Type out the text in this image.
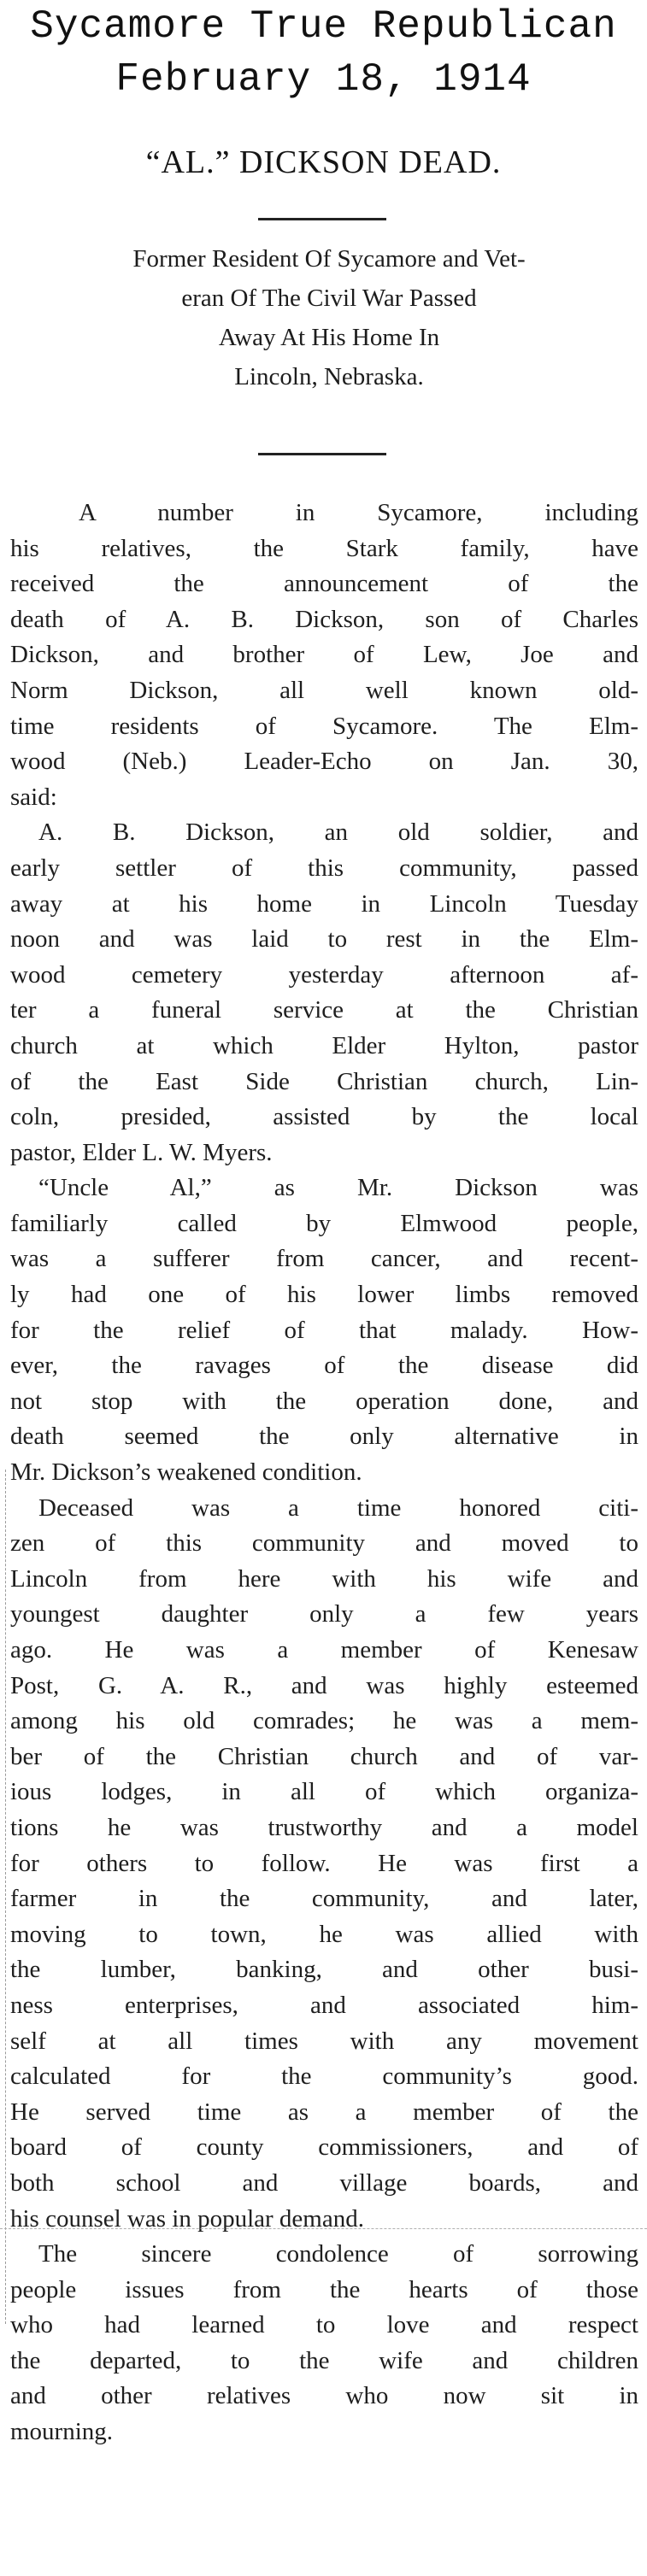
Sycamore True Republican
February 18, 1914
“AL.” DICKSON DEAD.
Former Resident Of Sycamore and Vet-
eran Of The Civil War Passed
Away At His Home In
Lincoln, Nebraska.
A number in Sycamore, including
his relatives, the Stark family, have
received the announcement of the
death of A. B. Dickson, son of Charles
Dickson, and brother of Lew, Joe and
Norm Dickson, all well known old-
time residents of Sycamore. The Elm-
wood (Neb.) Leader-Echo on Jan. 30,
said:
A. B. Dickson, an old soldier, and
early settler of this community, passed
away at his home in Lincoln Tuesday
noon and was laid to rest in the Elm-
wood cemetery yesterday afternoon af-
ter a funeral service at the Christian
church at which Elder Hylton, pastor
of the East Side Christian church, Lin-
coln, presided, assisted by the local
pastor, Elder L. W. Myers.
“Uncle Al,” as Mr. Dickson was
familiarly called by Elmwood people,
was a sufferer from cancer, and recent-
ly had one of his lower limbs removed
for the relief of that malady. How-
ever, the ravages of the disease did
not stop with the operation done, and
death seemed the only alternative in
Mr. Dickson’s weakened condition.
Deceased was a time honored citi-
zen of this community and moved to
Lincoln from here with his wife and
youngest daughter only a few years
ago. He was a member of Kenesaw
Post, G. A. R., and was highly esteemed
among his old comrades; he was a mem-
ber of the Christian church and of var-
ious lodges, in all of which organiza-
tions he was trustworthy and a model
for others to follow. He was first a
farmer in the community, and later,
moving to town, he was allied with
the lumber, banking, and other busi-
ness enterprises, and associated him-
self at all times with any movement
calculated for the community’s good.
He served time as a member of the
board of county commissioners, and of
both school and village boards, and
his counsel was in popular demand.
The sincere condolence of sorrowing
people issues from the hearts of those
who had learned to love and respect
the departed, to the wife and children
and other relatives who now sit in
mourning.
